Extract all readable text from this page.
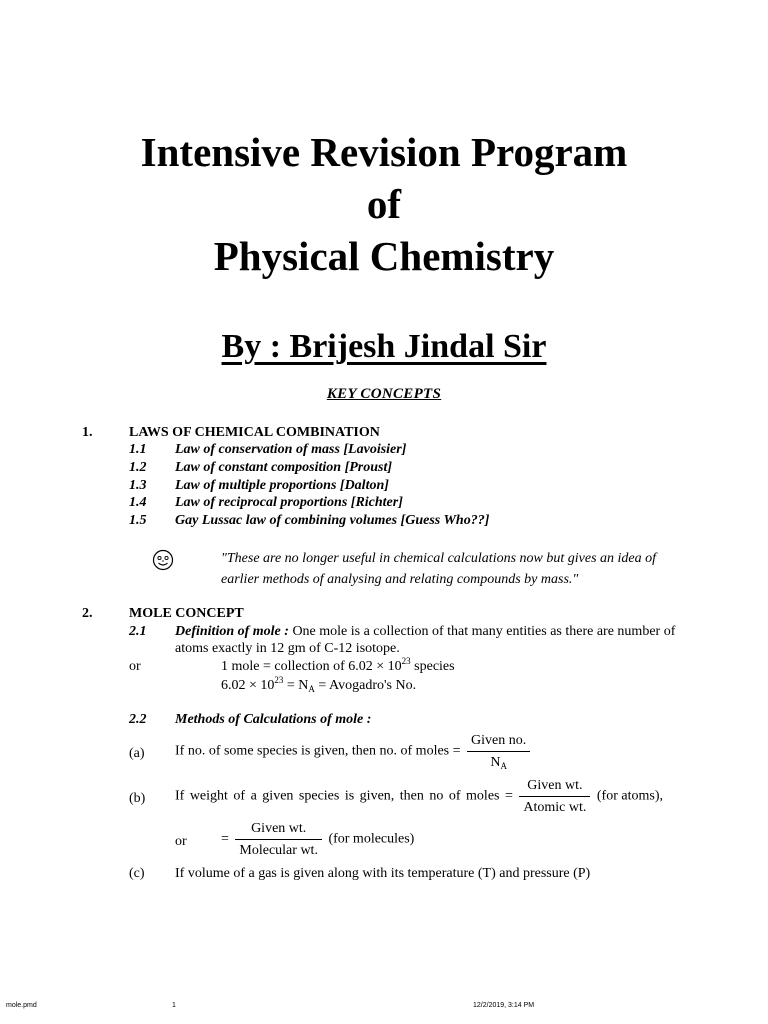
Intensive Revision Program
of
Physical Chemistry
By : Brijesh Jindal Sir
KEY CONCEPTS
1.	LAWS OF CHEMICAL COMBINATION
1.1 Law of conservation of mass [Lavoisier]
1.2 Law of constant composition [Proust]
1.3 Law of multiple proportions [Dalton]
1.4 Law of reciprocal proportions [Richter]
1.5 Gay Lussac law of combining volumes [Guess Who??]
"These are no longer useful in chemical calculations now but gives an idea of
earlier methods of analysing and relating compounds by mass."
2.	MOLE CONCEPT
2.1 Definition of mole : One mole is a collection of that many entities as there are number of
atoms exactly in 12 gm of C-12 isotope.
or	1 mole = collection of $6.02 \times 10^{23}$ species
$6.02 \times 10^{23} = N_A$ = Avogadro's No.
2.2 Methods of Calculations of mole :
(a) If no. of some species is given, then no. of moles = $\frac{\text{Given no.}}{N_A}$
(b) If weight of a given species is given, then no of moles = $\frac{\text{Given wt.}}{\text{Atomic wt.}} (for$ atoms),
or = $\frac{\text{Given wt.}}{\text{Molecular wt.}} (for$ molecules)
(c) If volume of a gas is given along with its temperature (T) and pressure (P)
mole.pmd	1	12/2/2019, 3:14 PM
